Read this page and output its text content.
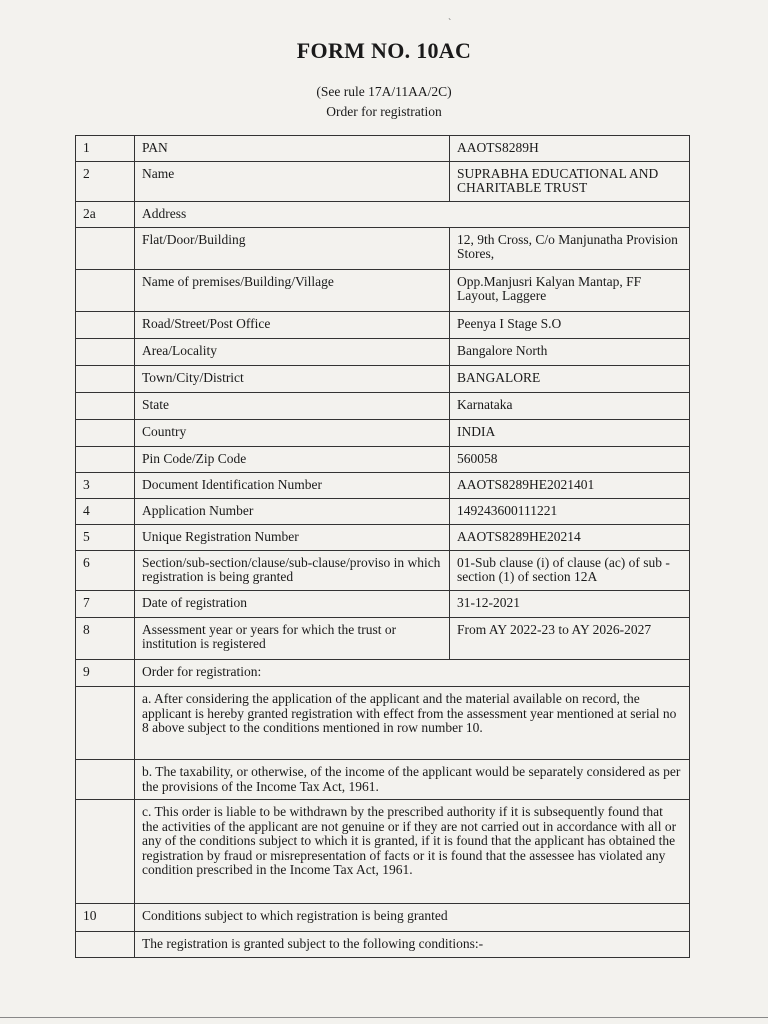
`
FORM NO. 10AC
(See rule 17A/11AA/2C)
Order for registration
1	PAN	AAOTS8289H
2	Name	SUPRABHA EDUCATIONAL AND CHARITABLE TRUST
2a	Address	
	Flat/Door/Building	12, 9th Cross, C/o Manjunatha Provision Stores,
	Name of premises/Building/Village	Opp.Manjusri Kalyan Mantap, FF Layout, Laggere
	Road/Street/Post Office	Peenya I Stage S.O
	Area/Locality	Bangalore North
	Town/City/District	BANGALORE
	State	Karnataka
	Country	INDIA
	Pin Code/Zip Code	560058
3	Document Identification Number	AAOTS8289HE2021401
4	Application Number	149243600111221
5	Unique Registration Number	AAOTS8289HE20214
6	Section/sub-section/clause/sub-clause/proviso in which registration is being granted	01-Sub clause (i) of clause (ac) of sub -section (1) of section 12A
7	Date of registration	31-12-2021
8	Assessment year or years for which the trust or institution is registered	From AY 2022-23 to AY 2026-2027
9	Order for registration:	
	a. After considering the application of the applicant and the material available on record, the applicant is hereby granted registration with effect from the assessment year mentioned at serial no 8 above subject to the conditions mentioned in row number 10.	
	b. The taxability, or otherwise, of the income of the applicant would be separately considered as per the provisions of the Income Tax Act, 1961.	
	c. This order is liable to be withdrawn by the prescribed authority if it is subsequently found that the activities of the applicant are not genuine or if they are not carried out in accordance with all or any of the conditions subject to which it is granted, if it is found that the applicant has obtained the registration by fraud or misrepresentation of facts or it is found that the assessee has violated any condition prescribed in the Income Tax Act, 1961.	
10	Conditions subject to which registration is being granted	
	The registration is granted subject to the following conditions:-	
